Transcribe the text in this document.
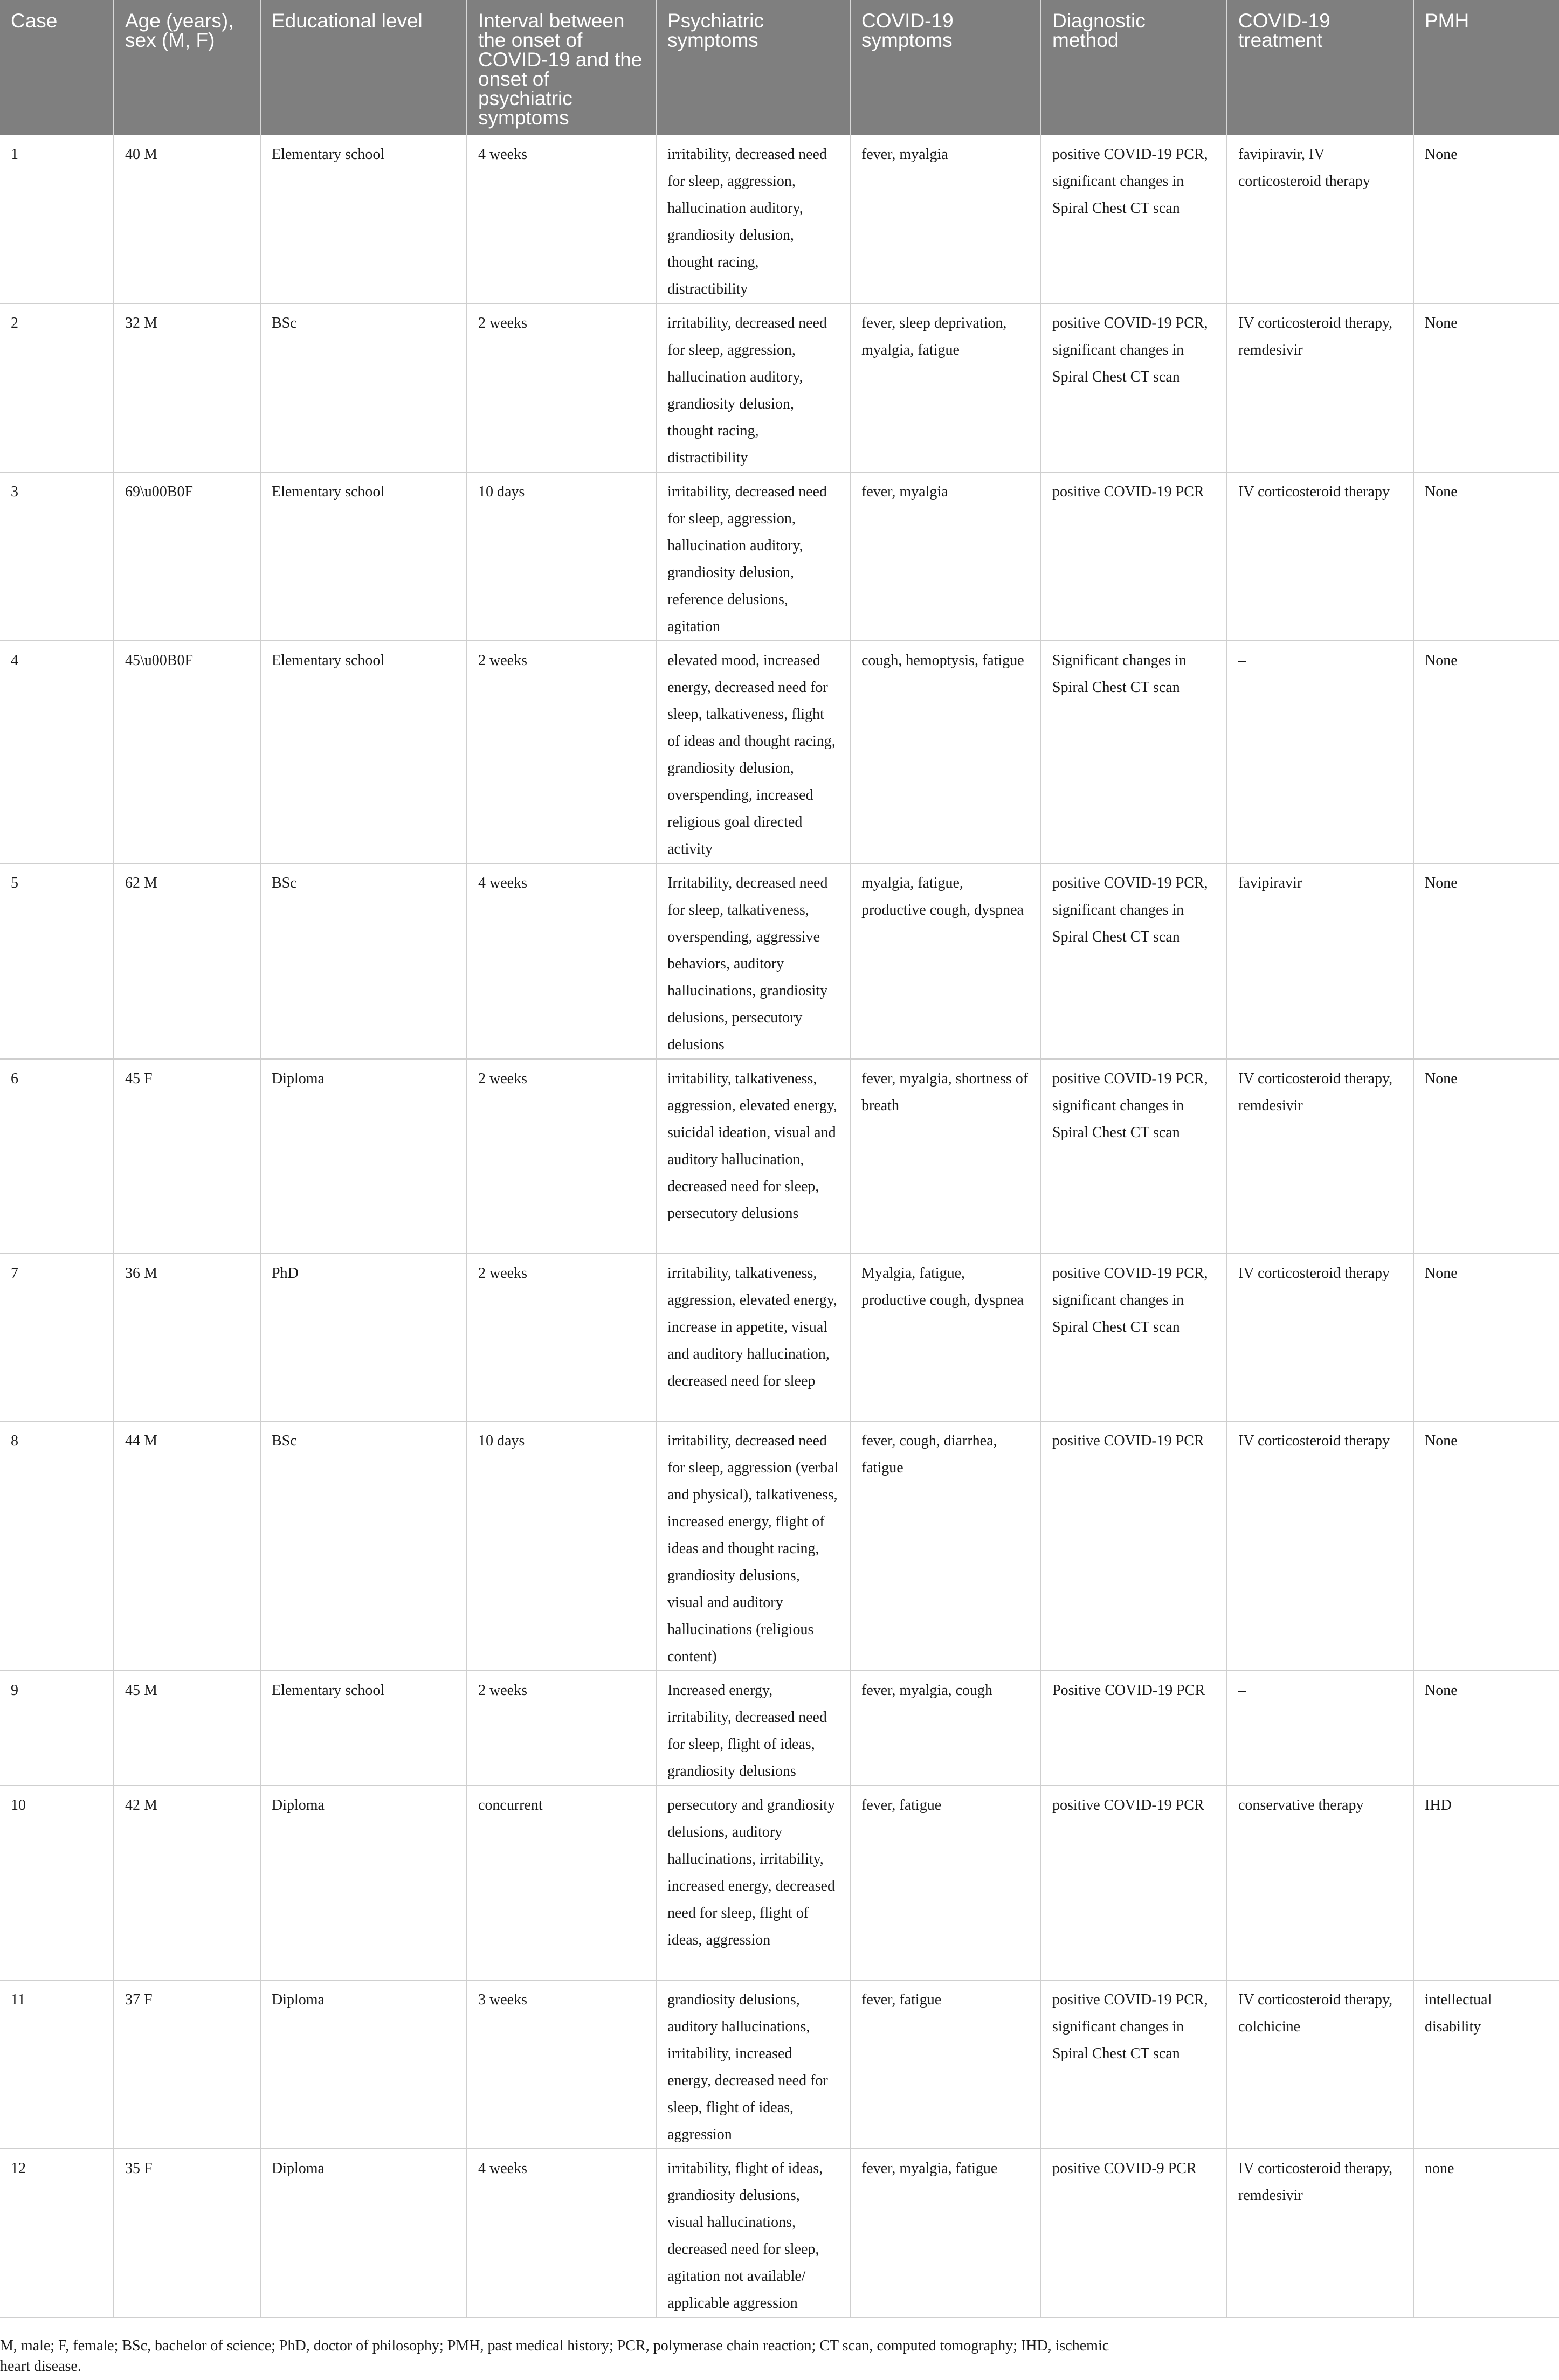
Case	Age (years), sex (M, F)	Educational level	Interval between the onset of COVID-19 and the onset of psychiatric symptoms	Psychiatric symptoms	COVID-19 symptoms	Diagnostic method	COVID-19 treatment	PMH
1	40 M	Elementary school	4 weeks	irritability, decreased need for sleep, aggression, hallucination auditory, grandiosity delusion, thought racing, distractibility	fever, myalgia	positive COVID-19 PCR, significant changes in Spiral Chest CT scan	favipiravir, IV corticosteroid therapy	None
2	32 M	BSc	2 weeks	irritability, decreased need for sleep, aggression, hallucination auditory, grandiosity delusion, thought racing, distractibility	fever, sleep deprivation, myalgia, fatigue	positive COVID-19 PCR, significant changes in Spiral Chest CT scan	IV corticosteroid therapy, remdesivir	None
3	69\u00B0F	Elementary school	10 days	irritability, decreased need for sleep, aggression, hallucination auditory, grandiosity delusion, reference delusions, agitation	fever, myalgia	positive COVID-19 PCR	IV corticosteroid therapy	None
4	45\u00B0F	Elementary school	2 weeks	elevated mood, increased energy, decreased need for sleep, talkativeness, flight of ideas and thought racing, grandiosity delusion, overspending, increased religious goal directed activity	cough, hemoptysis, fatigue	Significant changes in Spiral Chest CT scan	–	None
5	62 M	BSc	4 weeks	Irritability, decreased need for sleep, talkativeness, overspending, aggressive behaviors, auditory hallucinations, grandiosity delusions, persecutory delusions	myalgia, fatigue, productive cough, dyspnea	positive COVID-19 PCR, significant changes in Spiral Chest CT scan	favipiravir	None
6	45 F	Diploma	2 weeks	irritability, talkativeness, aggression, elevated energy, suicidal ideation, visual and auditory hallucination, decreased need for sleep, persecutory delusions	fever, myalgia, shortness of breath	positive COVID-19 PCR, significant changes in Spiral Chest CT scan	IV corticosteroid therapy, remdesivir	None
7	36 M	PhD	2 weeks	irritability, talkativeness, aggression, elevated energy, increase in appetite, visual and auditory hallucination, decreased need for sleep	Myalgia, fatigue, productive cough, dyspnea	positive COVID-19 PCR, significant changes in Spiral Chest CT scan	IV corticosteroid therapy	None
8	44 M	BSc	10 days	irritability, decreased need for sleep, aggression (verbal and physical), talkativeness, increased energy, flight of ideas and thought racing, grandiosity delusions, visual and auditory hallucinations (religious content)	fever, cough, diarrhea, fatigue	positive COVID-19 PCR	IV corticosteroid therapy	None
9	45 M	Elementary school	2 weeks	Increased energy, irritability, decreased need for sleep, flight of ideas, grandiosity delusions	fever, myalgia, cough	Positive COVID-19 PCR	–	None
10	42 M	Diploma	concurrent	persecutory and grandiosity delusions, auditory hallucinations, irritability, increased energy, decreased need for sleep, flight of ideas, aggression	fever, fatigue	positive COVID-19 PCR	conservative therapy	IHD
11	37 F	Diploma	3 weeks	grandiosity delusions, auditory hallucinations, irritability, increased energy, decreased need for sleep, flight of ideas, aggression	fever, fatigue	positive COVID-19 PCR, significant changes in Spiral Chest CT scan	IV corticosteroid therapy, colchicine	intellectual disability
12	35 F	Diploma	4 weeks	irritability, flight of ideas, grandiosity delusions, visual hallucinations, decreased need for sleep, agitation not available/ applicable aggression	fever, myalgia, fatigue	positive COVID-9 PCR	IV corticosteroid therapy, remdesivir	none

M, male; F, female; BSc, bachelor of science; PhD, doctor of philosophy; PMH, past medical history; PCR, polymerase chain reaction; CT scan, computed tomography; IHD, ischemic heart disease.
